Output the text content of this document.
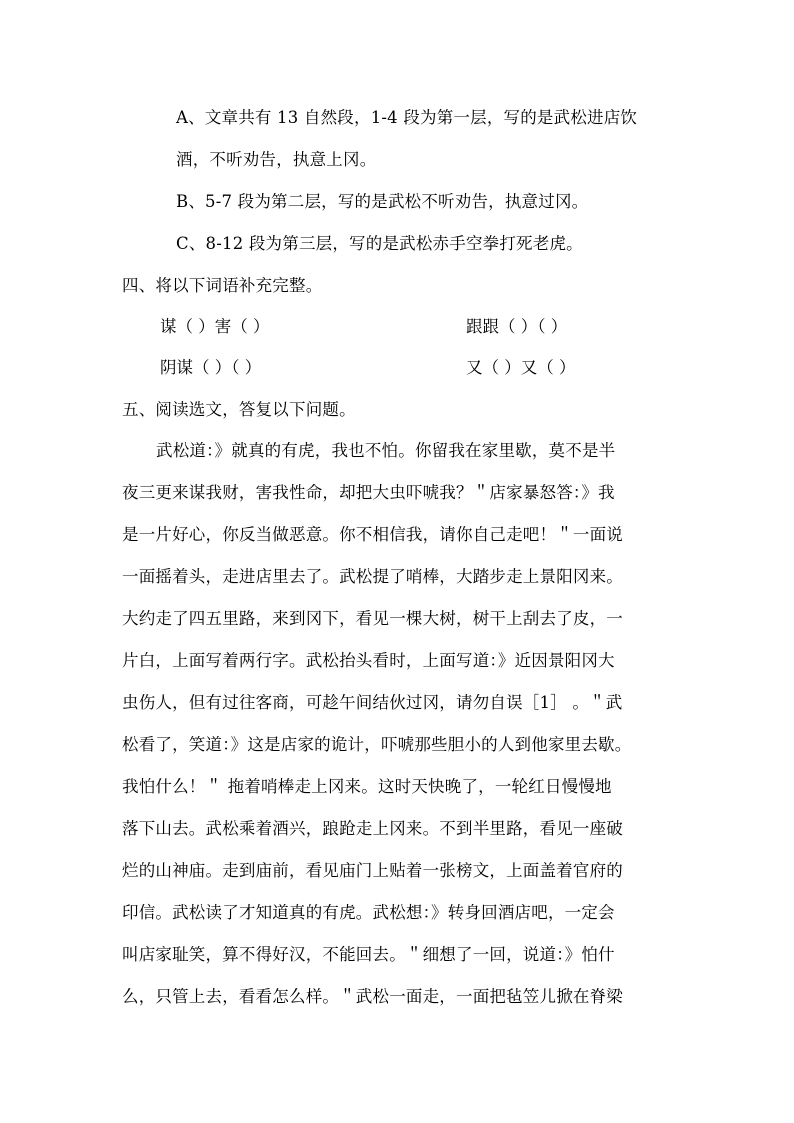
A、文章共有 13 自然段，1-4 段为第一层，写的是武松进店饮
酒，不听劝告，执意上冈。
B、5-7 段为第二层，写的是武松不听劝告，执意过冈。
C、8-12 段为第三层，写的是武松赤手空拳打死老虎。
四、将以下词语补充完整。
谋（ ）害（ ）	跟跟（ ）（ ）
阴谋（ ）（ ）	又（ ）又（ ）
五、阅读选文，答复以下问题。
武松道：》就真的有虎，我也不怕。你留我在家里歇，莫不是半
夜三更来谋我财，害我性命，却把大虫吓唬我？＂店家暴怒答：》我
是一片好心，你反当做恶意。你不相信我，请你自己走吧！＂一面说
一面摇着头，走进店里去了。武松提了哨棒，大踏步走上景阳冈来。
大约走了四五里路，来到冈下，看见一棵大树，树干上刮去了皮，一
片白，上面写着两行字。武松抬头看时，上面写道：》近因景阳冈大
虫伤人，但有过往客商，可趁午间结伙过冈，请勿自误［1］ 。＂武
松看了，笑道：》这是店家的诡计，吓唬那些胆小的人到他家里去歇。
我怕什么！＂ 拖着哨棒走上冈来。这时天快晚了，一轮红日慢慢地
落下山去。武松乘着酒兴，踉跄走上冈来。不到半里路，看见一座破
烂的山神庙。走到庙前，看见庙门上贴着一张榜文，上面盖着官府的
印信。武松读了才知道真的有虎。武松想：》转身回酒店吧，一定会
叫店家耻笑，算不得好汉，不能回去。＂细想了一回，说道：》怕什
么，只管上去，看看怎么样。＂武松一面走，一面把毡笠儿掀在脊梁
